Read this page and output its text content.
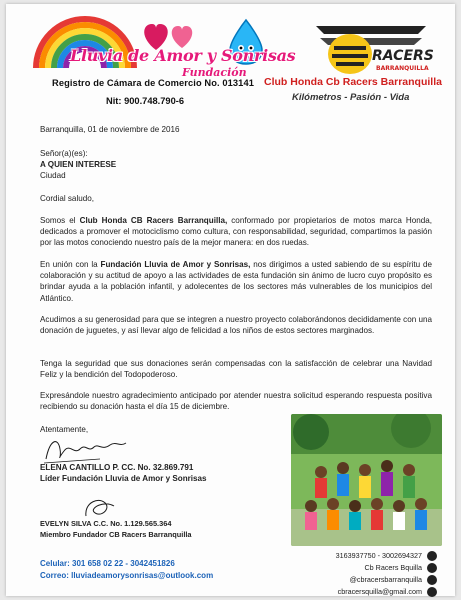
Lluvia de Amor y Sonrisas
Fundación
Registro de Cámara de Comercio No. 013141
Nit: 900.748.790-6
RACERS
BARRANQUILLA
Club Honda Cb Racers Barranquilla
Kilómetros - Pasión - Vida
Barranquilla, 01 de noviembre de 2016
Señor(a)(es):
A QUIEN INTERESE
Ciudad
Cordial saludo,
Somos el Club Honda CB Racers Barranquilla, conformado por propietarios de motos marca Honda, dedicados a promover el motociclismo como cultura, con responsabilidad, seguridad, compartimos la pasión por las motos conociendo nuestro país de la mejor manera: en dos ruedas.
En unión con la Fundación Lluvia de Amor y Sonrisas, nos dirigimos a usted sabiendo de su espíritu de colaboración y su actitud de apoyo a las actividades de esta fundación sin ánimo de lucro cuyo propósito es brindar ayuda a la población infantil, y adolecentes de los sectores más vulnerables de los municipios del Atlántico.
Acudimos a su generosidad para que se integren a nuestro proyecto colaborándonos decididamente con una donación de juguetes, y así llevar algo de felicidad a los niños de estos sectores marginados.
Tenga la seguridad que sus donaciones serán compensadas con la satisfacción de celebrar una Navidad Feliz y la bendición del Todopoderoso.
Expresándole nuestro agradecimiento anticipado por atender nuestra solicitud esperando respuesta positiva recibiendo su donación hasta el día 15 de diciembre.
Atentamente,
ELENA CANTILLO P. CC. No. 32.869.791
Líder Fundación Lluvia de Amor y Sonrisas
EVELYN SILVA C.C. No. 1.129.565.364
Miembro Fundador CB Racers Barranquilla
Celular: 301 658 02 22 - 3042451826
Correo: lluviadeamorysonrisas@outlook.com
3163937750 - 3002694327
Cb Racers Bquilla
@cbracersbarranquilla
cbracersquilla@gmail.com
